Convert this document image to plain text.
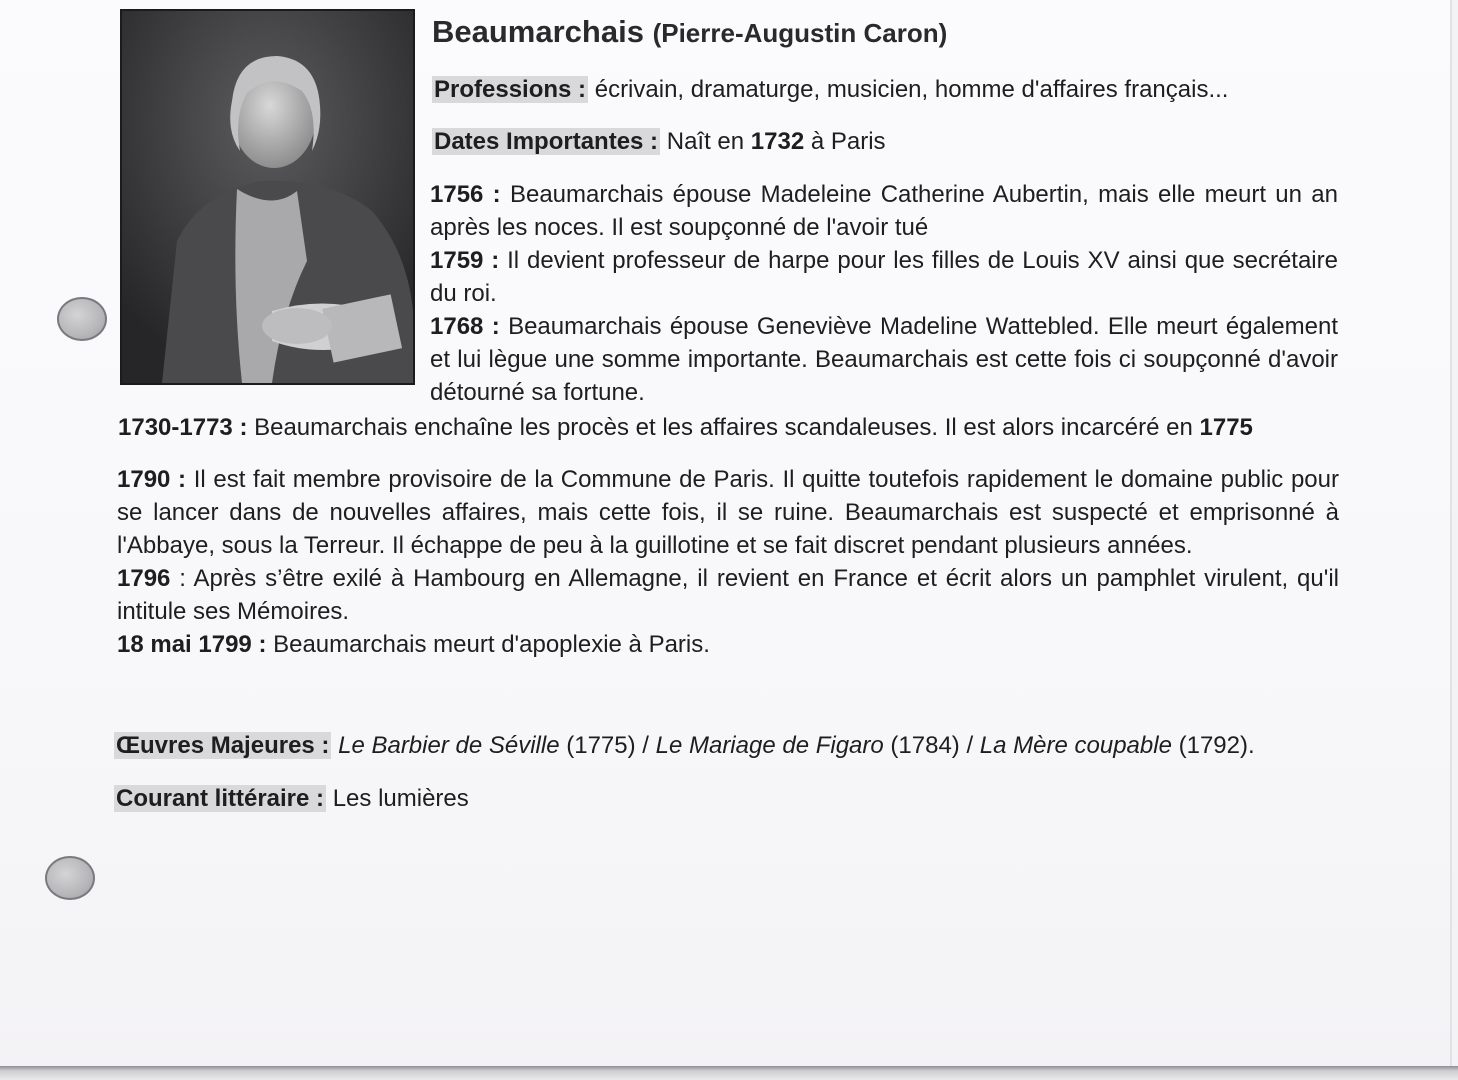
Beaumarchais (Pierre-Augustin Caron)
Professions : écrivain, dramaturge, musicien, homme d'affaires français...
Dates Importantes : Naît en 1732 à Paris

1756 : Beaumarchais épouse Madeleine Catherine Aubertin, mais elle meurt un an après les noces. Il est soupçonné de l'avoir tué

1759 : Il devient professeur de harpe pour les filles de Louis XV ainsi que secrétaire du roi.

1768 : Beaumarchais épouse Geneviève Madeline Wattebled. Elle meurt également et lui lègue une somme importante. Beaumarchais est cette fois ci soupçonné d'avoir détourné sa fortune.

1730-1773 : Beaumarchais enchaîne les procès et les affaires scandaleuses. Il est alors incarcéré en 1775

1790 : Il est fait membre provisoire de la Commune de Paris. Il quitte toutefois rapidement le domaine public pour se lancer dans de nouvelles affaires, mais cette fois, il se ruine. Beaumarchais est suspecté et emprisonné à l'Abbaye, sous la Terreur. Il échappe de peu à la guillotine et se fait discret pendant plusieurs années.

1796 : Après s’être exilé à Hambourg en Allemagne, il revient en France et écrit alors un pamphlet virulent, qu'il intitule ses Mémoires.

18 mai 1799 : Beaumarchais meurt d'apoplexie à Paris.

Œuvres Majeures : Le Barbier de Séville (1775) / Le Mariage de Figaro (1784) / La Mère coupable (1792).
Courant littéraire : Les lumières
